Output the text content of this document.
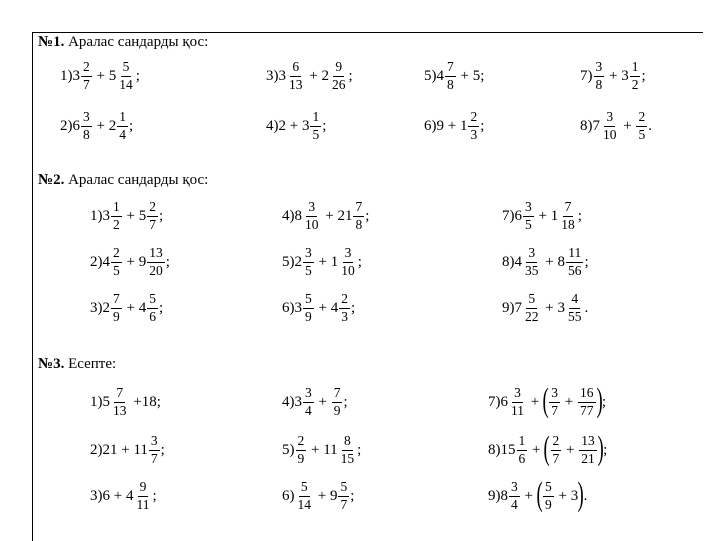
№1. Аралас сандарды қос:
1) $3 \frac{2}{7} + 5 \frac{5}{14}$ ;
2) $6 \frac{3}{8} + 2 \frac{1}{4}$ ;
3) $3 \frac{6}{13} + 2 \frac{9}{26}$ ;
4) $2 + 3 \frac{1}{5}$ ;
5) $4 \frac{7}{8} + 5$;
6) $9 + 1 \frac{2}{3}$ ;
$7) \frac{3}{8} + 3 \frac{1}{2}$ ;
8) $7 \frac{3}{10} + \frac{2}{5}$ .
№2. Аралас сандарды қос:
1) $3 \frac{1}{2} + 5 \frac{2}{7}$ ;
2) $4 \frac{2}{5} + 9 \frac{13}{20}$ ;
3) $2 \frac{7}{9} + 4 \frac{5}{6}$ ;
4) $8 \frac{3}{10} + 21 \frac{7}{8}$ ;
5) $2 \frac{3}{5} + 1 \frac{3}{10}$ ;
6) $3 \frac{5}{9} + 4 \frac{2}{3}$ ;
7) $6 \frac{3}{5} + 1 \frac{7}{18}$ ;
8) $4 \frac{3}{35} + 8 \frac{11}{56}$ ;
9) $7 \frac{5}{22} + 3 \frac{4}{55}$ .
№3. Есепте:
1) $5 \frac{7}{13} +18$;
2) $21 + 11 \frac{3}{7}$ ;
3) $6 + 4 \frac{9}{11}$ ;
4) $3 \frac{3}{4} + \frac{7}{9}$ ;
$5) \frac{2}{9} + 11 \frac{8}{15}$ ;
$6) \frac{5}{14} + 9 \frac{5}{7}$ ;
7) $6 \frac{3}{11}$ + ( $\frac{3}{7} + \frac{16}{77}$ ) ;
8) $15 \frac{1}{6}$ + ( $\frac{2}{7} + \frac{13}{21}$ ) ;
9) $8 \frac{3}{4}$ + ( $\frac{5}{9} + 3$ ) .
